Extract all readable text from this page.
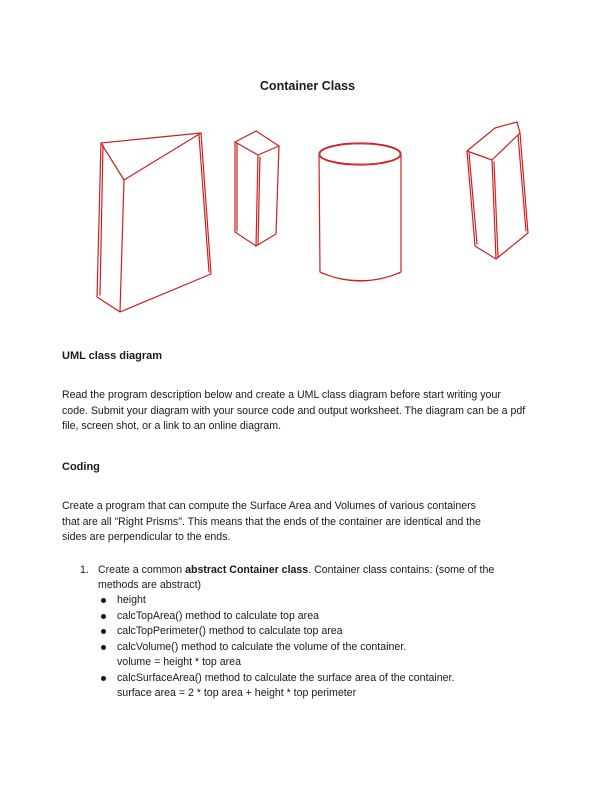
Container Class
UML class diagram

Read the program description below and create a UML class diagram before start writing your

code. Submit your diagram with your source code and output worksheet. The diagram can be a pdf

file, screen shot, or a link to an online diagram.

Coding

Create a program that can compute the Surface Area and Volumes of various containers

that are all "Right Prisms". This means that the ends of the container are identical and the

sides are perpendicular to the ends.

1. Create a common abstract Container class. Container class contains: (some of the
methods are abstract)
height
calcTopArea() method to calculate top area
calcTopPerimeter() method to calculate top area
calcVolume() method to calculate the volume of the container.
volume = height * top area
calcSurfaceArea() method to calculate the surface area of the container.
surface area = 2 * top area + height * top perimeter
